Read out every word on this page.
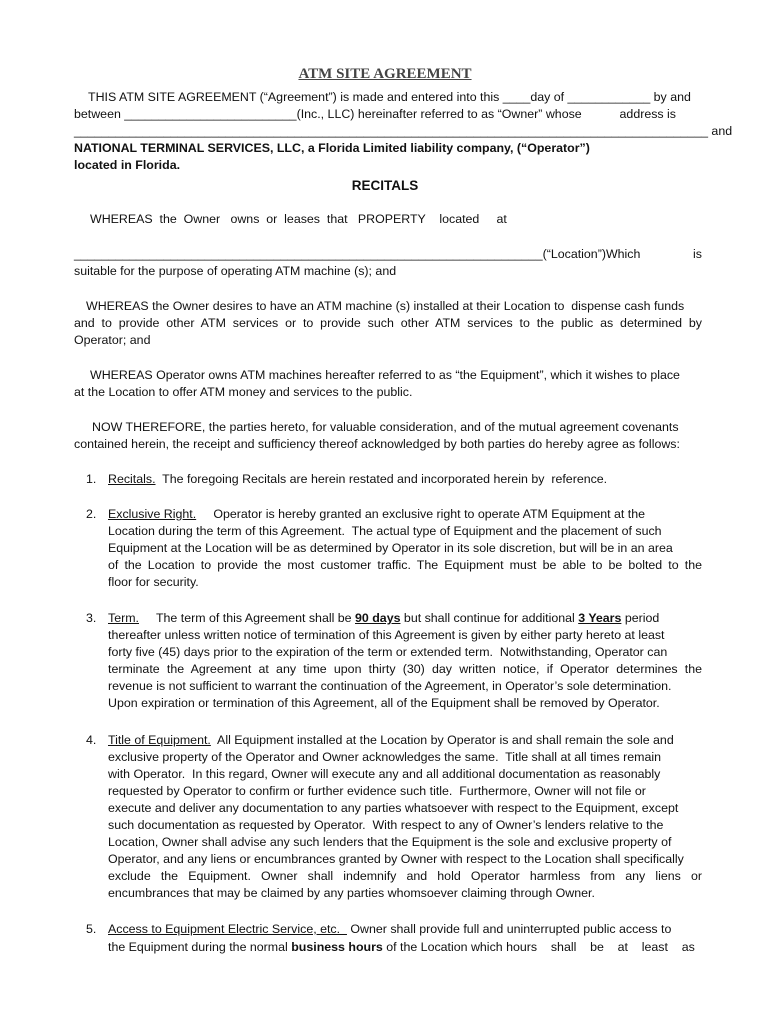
ATM SITE AGREEMENT
THIS ATM SITE AGREEMENT (“Agreement”) is made and entered into this ____day of ____________ by and
between _________________________(Inc., LLC) hereinafter referred to as “Owner” whose           address is
____________________________________________________________________________________________ and
NATIONAL TERMINAL SERVICES, LLC, a Florida Limited liability company, (“Operator”)
located in Florida.
RECITALS
WHEREAS  the  Owner   owns  or  leases  that   PROPERTY    located     at
____________________________________________________________________(“Location”)Which	is
suitable for the purpose of operating ATM machine (s); and
WHEREAS the Owner desires to have an ATM machine (s) installed at their Location to  dispense cash funds
and to provide other ATM services or to provide such other ATM services to the public as determined by
Operator; and
WHEREAS Operator owns ATM machines hereafter referred to as “the Equipment”, which it wishes to place
at the Location to offer ATM money and services to the public.
NOW THEREFORE, the parties hereto, for valuable consideration, and of the mutual agreement covenants
contained herein, the receipt and sufficiency thereof acknowledged by both parties do hereby agree as follows:
1. Recitals.  The foregoing Recitals are herein restated and incorporated herein by  reference.
2. Exclusive Right.     Operator is hereby granted an exclusive right to operate ATM Equipment at the
Location during the term of this Agreement.  The actual type of Equipment and the placement of such
Equipment at the Location will be as determined by Operator in its sole discretion, but will be in an area
of the Location to provide the most customer traffic. The Equipment must be able to be bolted to the
floor for security.
3. Term.     The term of this Agreement shall be 90 days but shall continue for additional 3 Years period
thereafter unless written notice of termination of this Agreement is given by either party hereto at least
forty five (45) days prior to the expiration of the term or extended term.  Notwithstanding, Operator can
terminate the Agreement at any time upon thirty (30) day written notice, if Operator determines the
revenue is not sufficient to warrant the continuation of the Agreement, in Operator’s sole determination.
Upon expiration or termination of this Agreement, all of the Equipment shall be removed by Operator.
4. Title of Equipment.  All Equipment installed at the Location by Operator is and shall remain the sole and
exclusive property of the Operator and Owner acknowledges the same.  Title shall at all times remain
with Operator.  In this regard, Owner will execute any and all additional documentation as reasonably
requested by Operator to confirm or further evidence such title.  Furthermore, Owner will not file or
execute and deliver any documentation to any parties whatsoever with respect to the Equipment, except
such documentation as requested by Operator.  With respect to any of Owner’s lenders relative to the
Location, Owner shall advise any such lenders that the Equipment is the sole and exclusive property of
Operator, and any liens or encumbrances granted by Owner with respect to the Location shall specifically
exclude the Equipment. Owner shall indemnify and hold Operator harmless from any liens or
encumbrances that may be claimed by any parties whomsoever claiming through Owner.
5. Access to Equipment Electric Service, etc.   Owner shall provide full and uninterrupted public access to
the Equipment during the normal business hours of the Location which hours    shall    be    at    least    as
